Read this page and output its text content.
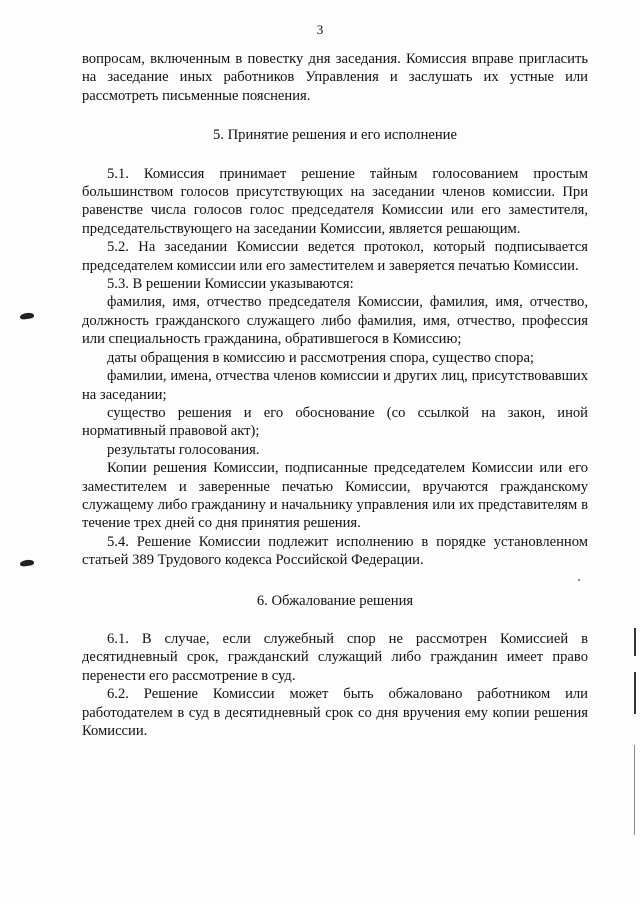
3

вопросам, включенным в повестку дня заседания. Комиссия вправе пригласить на заседание иных работников Управления и заслушать их устные или рассмотреть письменные пояснения.

5. Принятие решения и его исполнение

5.1. Комиссия принимает решение тайным голосованием простым большинством голосов присутствующих на заседании членов комиссии. При равенстве числа голосов голос председателя Комиссии или его заместителя, председательствующего на заседании Комиссии, является решающим.

5.2. На заседании Комиссии ведется протокол, который подписывается председателем комиссии или его заместителем и заверяется печатью Комиссии.

5.3. В решении Комиссии указываются:

фамилия, имя, отчество председателя Комиссии, фамилия, имя, отчество, должность гражданского служащего либо фамилия, имя, отчество, профессия или специальность гражданина, обратившегося в Комиссию;

даты обращения в комиссию и рассмотрения спора, существо спора;

фамилии, имена, отчества членов комиссии и других лиц, присутствовавших на заседании;

существо решения и его обоснование (со ссылкой на закон, иной нормативный правовой акт);

результаты голосования.

Копии решения Комиссии, подписанные председателем Комиссии или его заместителем и заверенные печатью Комиссии, вручаются гражданскому служащему либо гражданину и начальнику управления или их представителям в течение трех дней со дня принятия решения.

5.4. Решение Комиссии подлежит исполнению в порядке установленном статьей 389 Трудового кодекса Российской Федерации.

6. Обжалование решения

6.1. В случае, если служебный спор не рассмотрен Комиссией в десятидневный срок, гражданский служащий либо гражданин имеет право перенести его рассмотрение в суд.

6.2. Решение Комиссии может быть обжаловано работником или работодателем в суд в десятидневный срок со дня вручения ему копии решения Комиссии.
